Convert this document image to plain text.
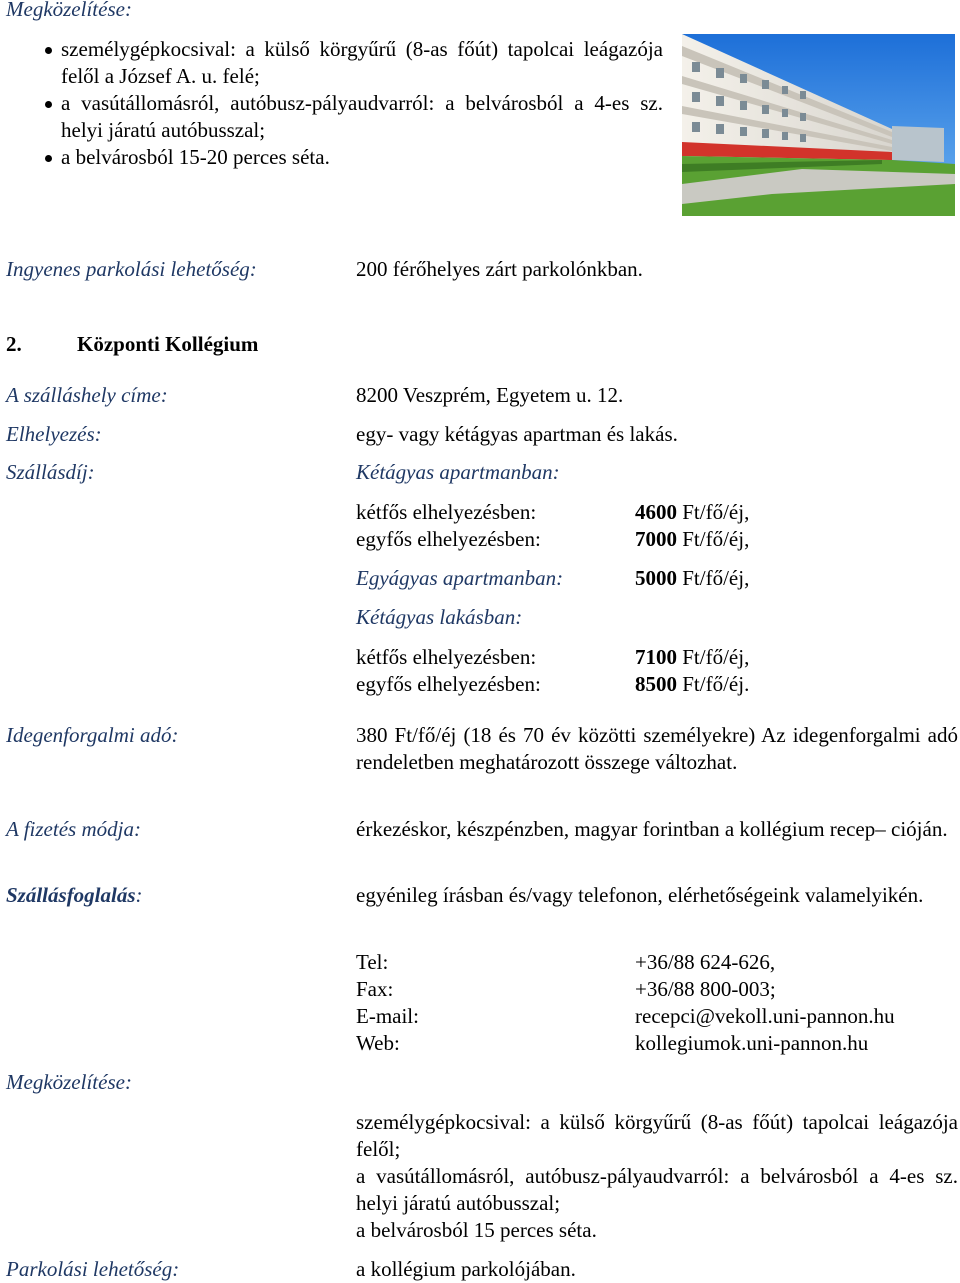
Megközelítése:
személygépkocsival: a külső körgyűrű (8-as főút) tapolcai leágazója felől a József A. u. felé;
a vasútállomásról, autóbusz-pályaudvarról: a belvárosból a 4-es sz. helyi járatú autóbusszal;
a belvárosból 15-20 perces séta.
Ingyenes parkolási lehetőség:	200 férőhelyes zárt parkolónkban.
2.	Központi Kollégium
A szálláshely címe:	8200 Veszprém, Egyetem u. 12.
Elhelyezés:	egy- vagy kétágyas apartman és lakás.
Szállásdíj:	Kétágyas apartmanban:
kétfős elhelyezésben:	4600 Ft/fő/éj,
egyfős elhelyezésben:	7000 Ft/fő/éj,
Egyágyas apartmanban:	5000 Ft/fő/éj,
Kétágyas lakásban:
kétfős elhelyezésben:	7100 Ft/fő/éj,
egyfős elhelyezésben:	8500 Ft/fő/éj.
Idegenforgalmi adó:	380 Ft/fő/éj (18 és 70 év közötti személyekre) Az idegenforgalmi adó rendeletben meghatározott összege változhat.
A fizetés módja:	érkezéskor, készpénzben, magyar forintban a kollégium recep– cióján.
Szállásfoglalás:	egyénileg írásban és/vagy telefonon, elérhetőségeink valamelyikén.
Tel:	+36/88 624-626,
Fax:	+36/88 800-003;
E-mail:	recepci@vekoll.uni-pannon.hu
Web:	kollegiumok.uni-pannon.hu
Megközelítése:
személygépkocsival: a külső körgyűrű (8-as főút) tapolcai leágazója felől;
a vasútállomásról, autóbusz-pályaudvarról: a belvárosból a 4-es sz. helyi járatú autóbusszal;
a belvárosból 15 perces séta.
Parkolási lehetőség:	a kollégium parkolójában.
